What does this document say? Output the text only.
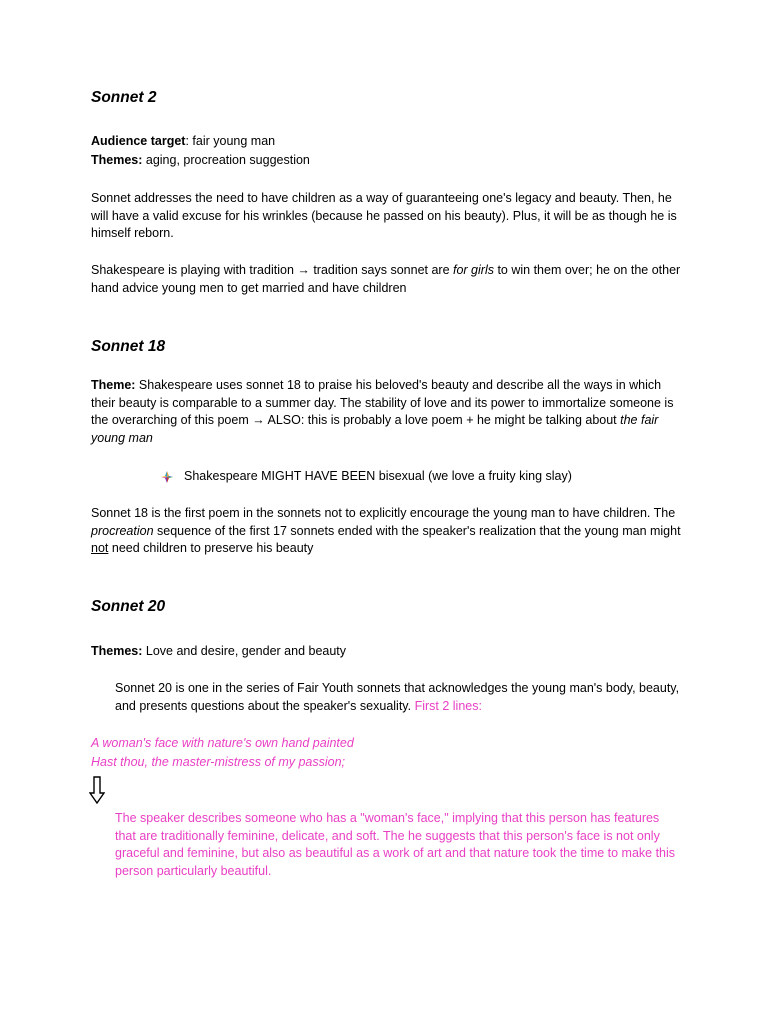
Sonnet 2

Audience target: fair young man

Themes: aging, procreation suggestion

Sonnet addresses the need to have children as a way of guaranteeing one's legacy and beauty. Then, he will have a valid excuse for his wrinkles (because he passed on his beauty). Plus, it will be as though he is himself reborn.

Shakespeare is playing with tradition → tradition says sonnet are for girls to win them over; he on the other hand advice young men to get married and have children

Sonnet 18

Theme: Shakespeare uses sonnet 18 to praise his beloved's beauty and describe all the ways in which their beauty is comparable to a summer day. The stability of love and its power to immortalize someone is the overarching of this poem → ALSO: this is probably a love poem + he might be talking about the fair young man

Shakespeare MIGHT HAVE BEEN bisexual (we love a fruity king slay)

Sonnet 18 is the first poem in the sonnets not to explicitly encourage the young man to have children. The procreation sequence of the first 17 sonnets ended with the speaker's realization that the young man might not need children to preserve his beauty

Sonnet 20

Themes: Love and desire, gender and beauty

Sonnet 20 is one in the series of Fair Youth sonnets that acknowledges the young man's body, beauty, and presents questions about the speaker's sexuality. First 2 lines:

A woman's face with nature's own hand painted

Hast thou, the master-mistress of my passion;

The speaker describes someone who has a "woman's face," implying that this person has features that are traditionally feminine, delicate, and soft. The he suggests that this person's face is not only graceful and feminine, but also as beautiful as a work of art and that nature took the time to make this person particularly beautiful.
